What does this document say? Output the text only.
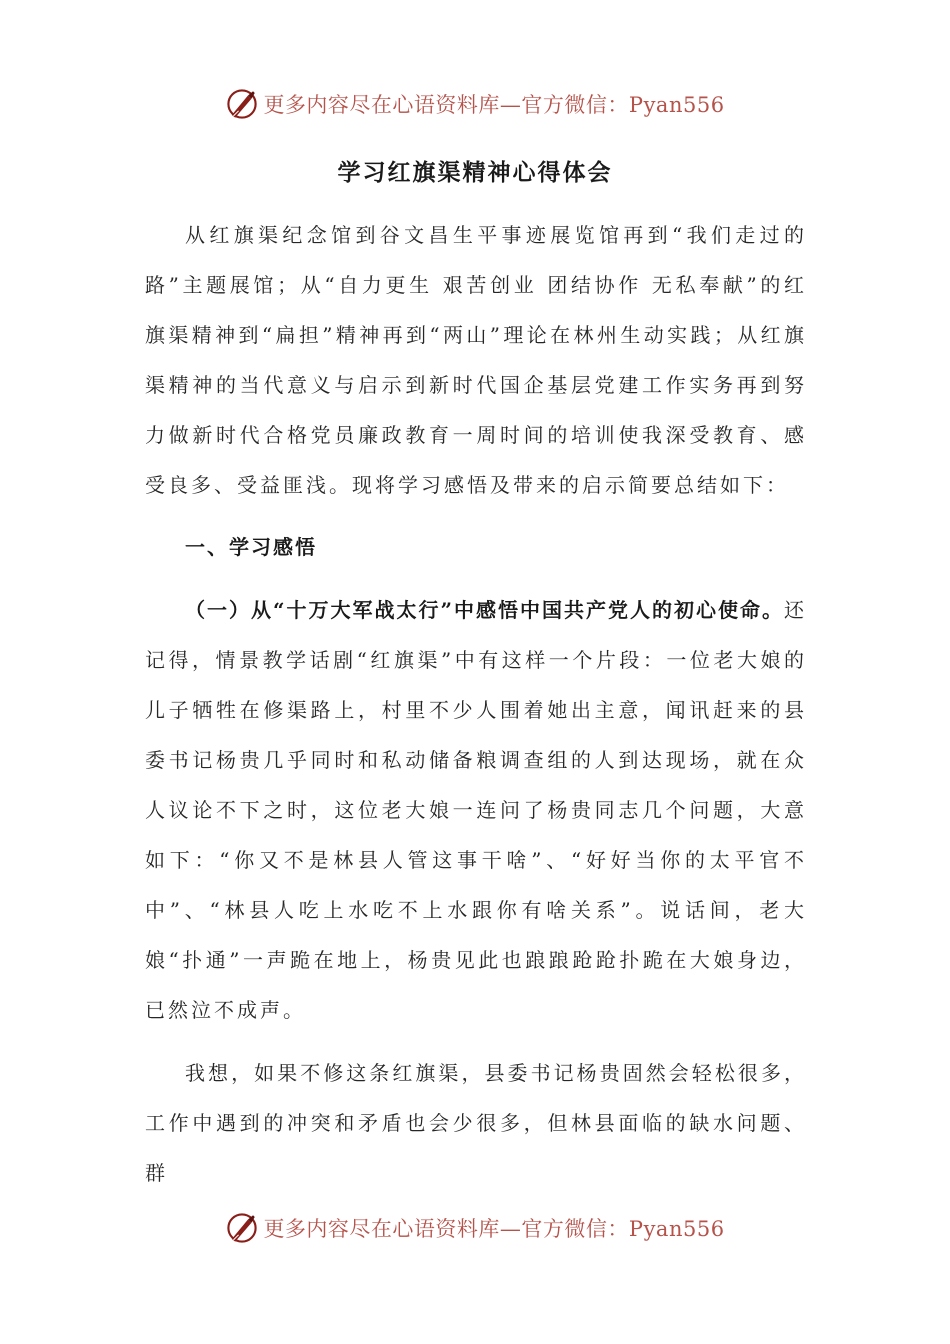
更多内容尽在心语资料库—官方微信：Pyan556
学习红旗渠精神心得体会

从红旗渠纪念馆到谷文昌生平事迹展览馆再到“我们走过的路”主题展馆；从“自力更生 艰苦创业 团结协作 无私奉献”的红旗渠精神到“扁担”精神再到“两山”理论在林州生动实践；从红旗渠精神的当代意义与启示到新时代国企基层党建工作实务再到努力做新时代合格党员廉政教育一周时间的培训使我深受教育、感受良多、受益匪浅。现将学习感悟及带来的启示简要总结如下：

一、学习感悟

（一）从“十万大军战太行”中感悟中国共产党人的初心使命。还记得，情景教学话剧“红旗渠”中有这样一个片段：一位老大娘的儿子牺牲在修渠路上，村里不少人围着她出主意，闻讯赶来的县委书记杨贵几乎同时和私动储备粮调查组的人到达现场，就在众人议论不下之时，这位老大娘一连问了杨贵同志几个问题，大意如下：“你又不是林县人管这事干啥”、“好好当你的太平官不中”、“林县人吃上水吃不上水跟你有啥关系”。说话间，老大娘“扑通”一声跪在地上，杨贵见此也踉踉跄跄扑跪在大娘身边，已然泣不成声。

我想，如果不修这条红旗渠，县委书记杨贵固然会轻松很多，工作中遇到的冲突和矛盾也会少很多，但林县面临的缺水问题、群

更多内容尽在心语资料库—官方微信：Pyan556
